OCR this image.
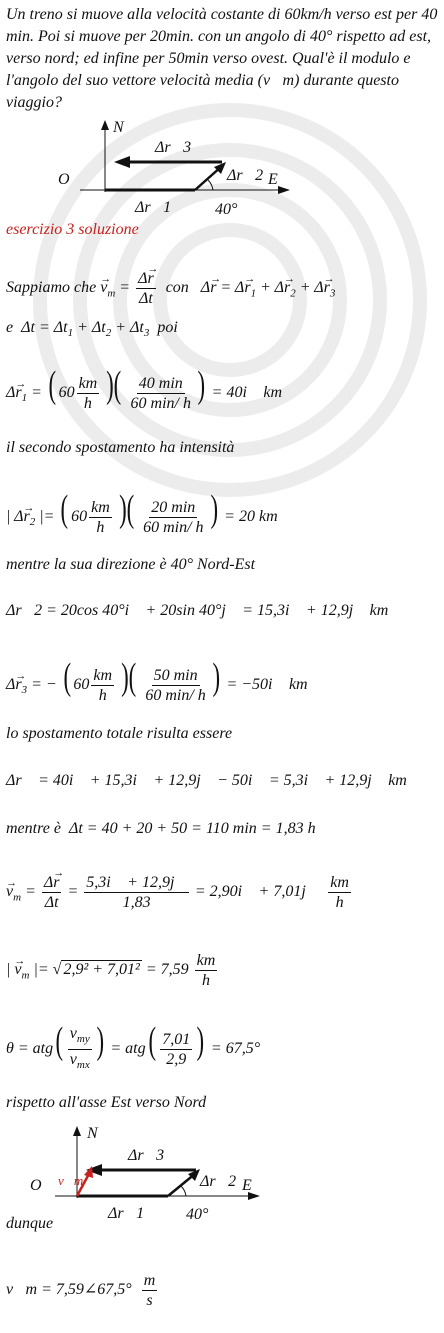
Un treno si muove alla velocità costante di 60km/h verso est per 40 min. Poi si muove per 20min. con un angolo di 40° rispetto ad est, verso nord; ed infine per 50min verso ovest. Qual'è il modulo e l'angolo del suo vettore velocità media (v⃗m) durante questo viaggio?
N
O	E
Δr⃗3
Δr⃗2
Δr⃗1	40°
esercizio 3 soluzione
Sappiamo che → $v_m = \frac{\Delta\to r}{\Delta t}$ con   $\Delta\to r = \Delta\to r_1 + \Delta\to r_2 + \Delta\to r_3$
e  $\Delta t = \Delta t_1 + \Delta t_2 + \Delta t_3$ poi
$\Delta\to r_1$ = ( $60 \frac{km}{h}$ )( $\frac{40 \min}{60 \min/ h}$ ) = 40i⃗ km
il secondo spostamento ha intensità
| $\Delta\to r_2$ |= ( $60 \frac{km}{h}$ )( $\frac{20 \min}{60 \min/ h}$ ) = 20 km
mentre la sua direzione è 40° Nord-Est
Δr⃗2 = 20cos 40°i⃗ + 20sin 40°j⃗ = 15,3i⃗ + 12,9j⃗ km
$\Delta\to r_3$ = − ( $60 \frac{km}{h}$ )( $\frac{50 \min}{60 \min/ h}$ ) = −50i⃗ km
lo spostamento totale risulta essere
Δr⃗ = 40i⃗ + 15,3i⃗ + 12,9j⃗ − 50i⃗ = 5,3i⃗ + 12,9j⃗ km
mentre è Δt = 40 + 20 + 50 = 110 min = 1,83 h
→ $v_m = \frac{\Delta\to r}{\Delta t} = \frac{5,3i⃗ + 12,9j⃗}{1,83}$ = 2,90i⃗ + 7,01j⃗ $\frac{km}{h}$
| → $v_m$ |= √ $2,9^2 + 7,01^2 = 7,59 \frac{km}{h}$
$\theta = atg( \frac{v_{my}}{v_{mx}}$ ) = $atg( \frac{7,01}{2,9}$ ) = 67,5°
rispetto all'asse Est verso Nord
N
O	E
Δr⃗3
Δr⃗2
Δr⃗1
v⃗m
40°
dunque
v⃗m = 7,59∠67,5° $\frac{m}{s}$
